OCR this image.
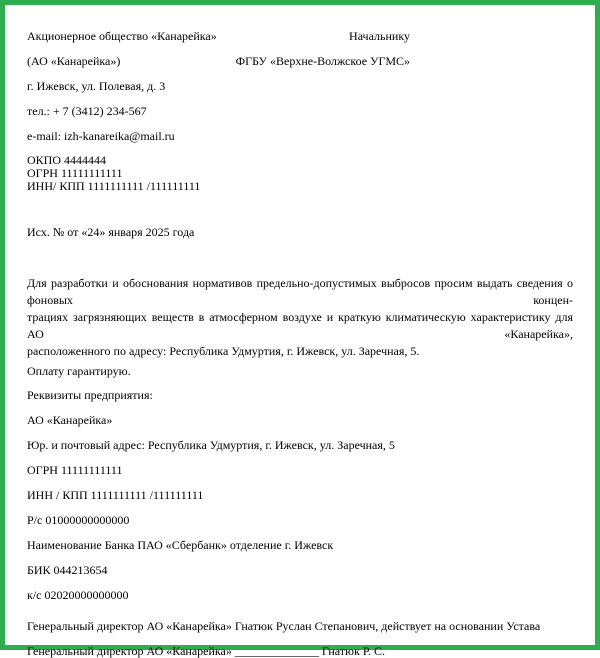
Акционерное общество «Канарейка»	Начальнику
(АО «Канарейка»)	ФГБУ «Верхне-Волжское УГМС»
г. Ижевск, ул. Полевая, д. 3
тел.: + 7 (3412) 234-567
e-mail: izh-kanareika@mail.ru
ОКПО 4444444
ОГРН 11111111111
ИНН/ КПП 1111111111 /111111111
Исх. № от «24» января 2025 года
Для разработки и обоснования нормативов предельно-допустимых выбросов просим выдать сведения о фоновых концен-
трациях загрязняющих веществ в атмосферном воздухе и краткую климатическую характеристику для АО «Канарейка»,
расположенного по адресу: Республика Удмуртия, г. Ижевск, ул. Заречная, 5.
Оплату гарантирую.
Реквизиты предприятия:
АО «Канарейка»
Юр. и почтовый адрес: Республика Удмуртия, г. Ижевск, ул. Заречная, 5
ОГРН 11111111111
ИНН / КПП 1111111111 /111111111
Р/с 01000000000000
Наименование Банка ПАО «Сбербанк» отделение г. Ижевск
БИК 044213654
к/с 02020000000000
Генеральный директор АО «Канарейка» Гнатюк Руслан Степанович, действует на основании Устава
Генеральный директор АО «Канарейка» ______________ Гнатюк Р. С.
